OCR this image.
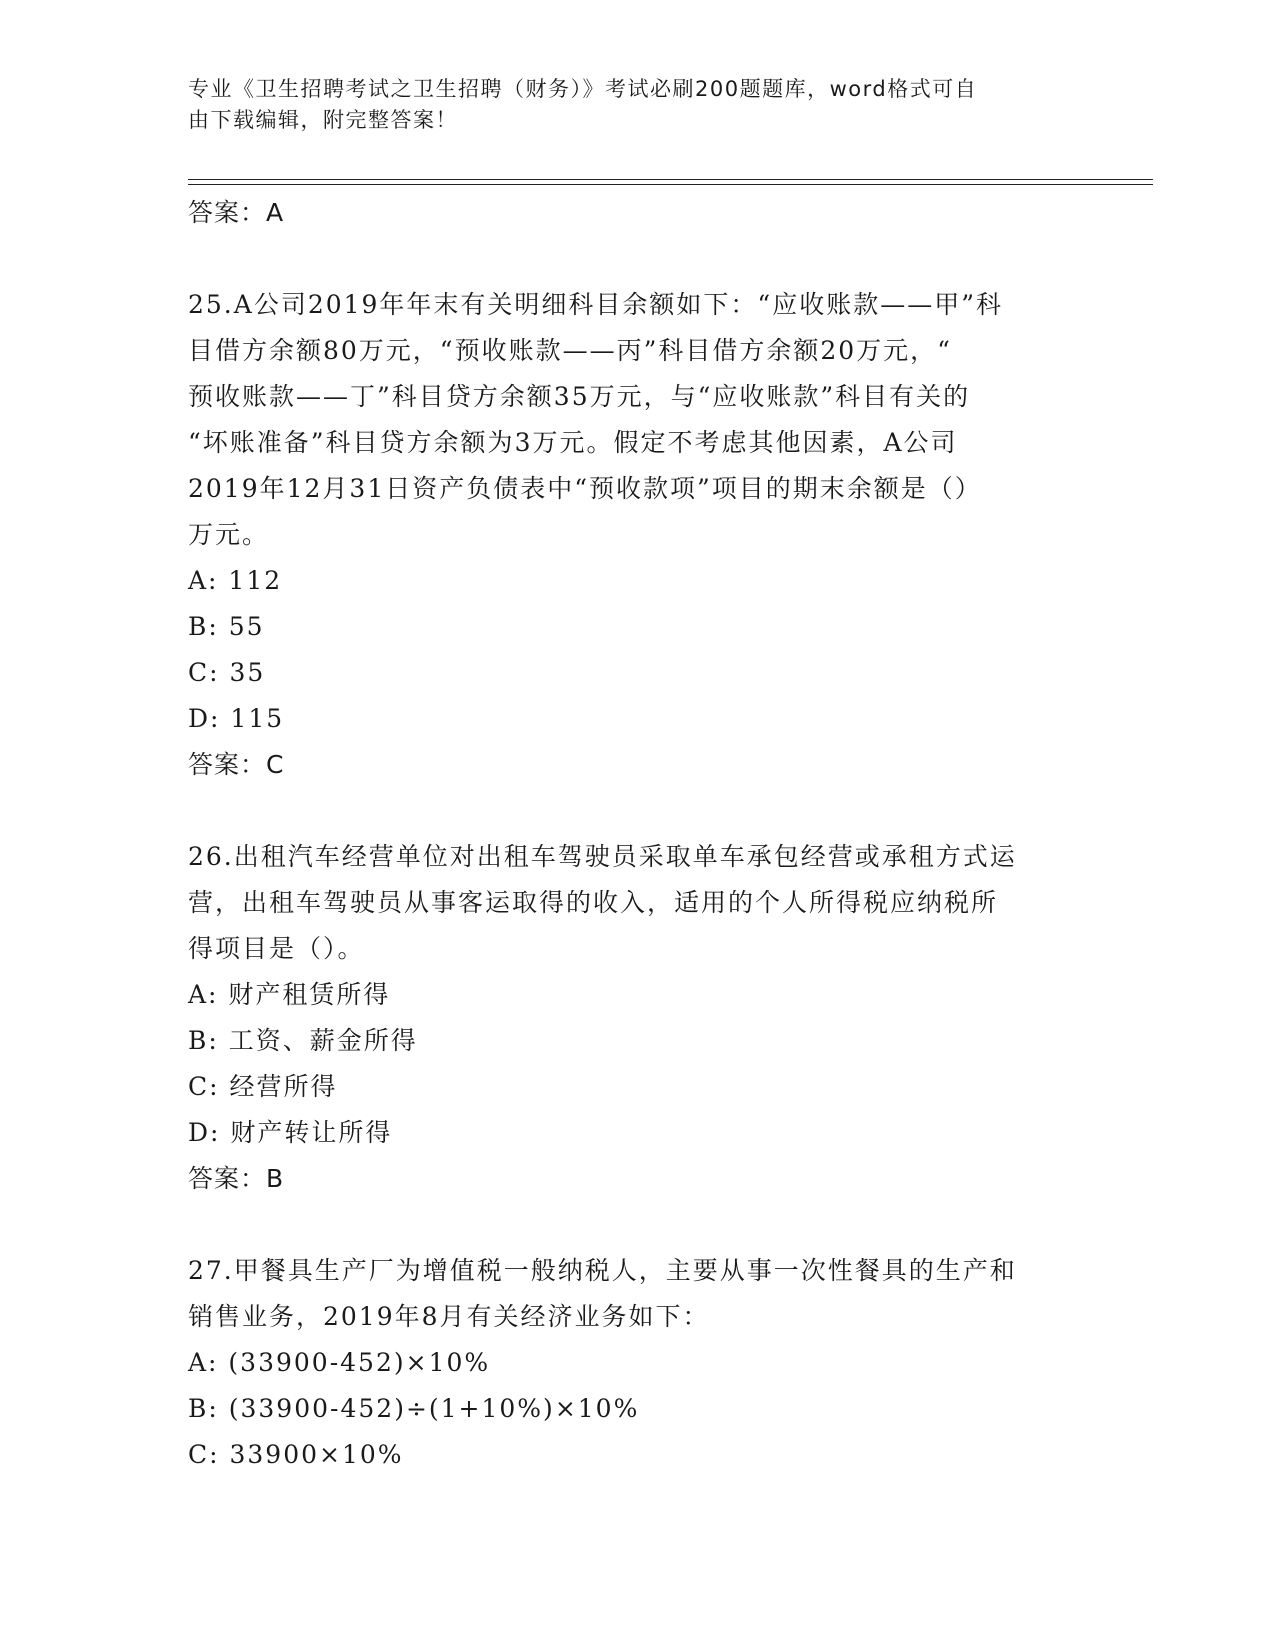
专业《卫生招聘考试之卫生招聘（财务）》考试必刷200题题库，word格式可自
由下载编辑，附完整答案！
答案：A
25.A公司2019年年末有关明细科目余额如下：“应收账款——甲”科
目借方余额80万元，“预收账款——丙”科目借方余额20万元，“
预收账款——丁”科目贷方余额35万元，与“应收账款”科目有关的
“坏账准备”科目贷方余额为3万元。假定不考虑其他因素，A公司
2019年12月31日资产负债表中“预收款项”项目的期末余额是（）
万元。
A: 112
B: 55
C: 35
D: 115
答案：C
26.出租汽车经营单位对出租车驾驶员采取单车承包经营或承租方式运
营，出租车驾驶员从事客运取得的收入，适用的个人所得税应纳税所
得项目是（）。
A: 财产租赁所得
B: 工资、薪金所得
C: 经营所得
D: 财产转让所得
答案：B
27.甲餐具生产厂为增值税一般纳税人，主要从事一次性餐具的生产和
销售业务，2019年8月有关经济业务如下：
A: (33900-452)×10%
B: (33900-452)÷(1+10%)×10%
C: 33900×10%
